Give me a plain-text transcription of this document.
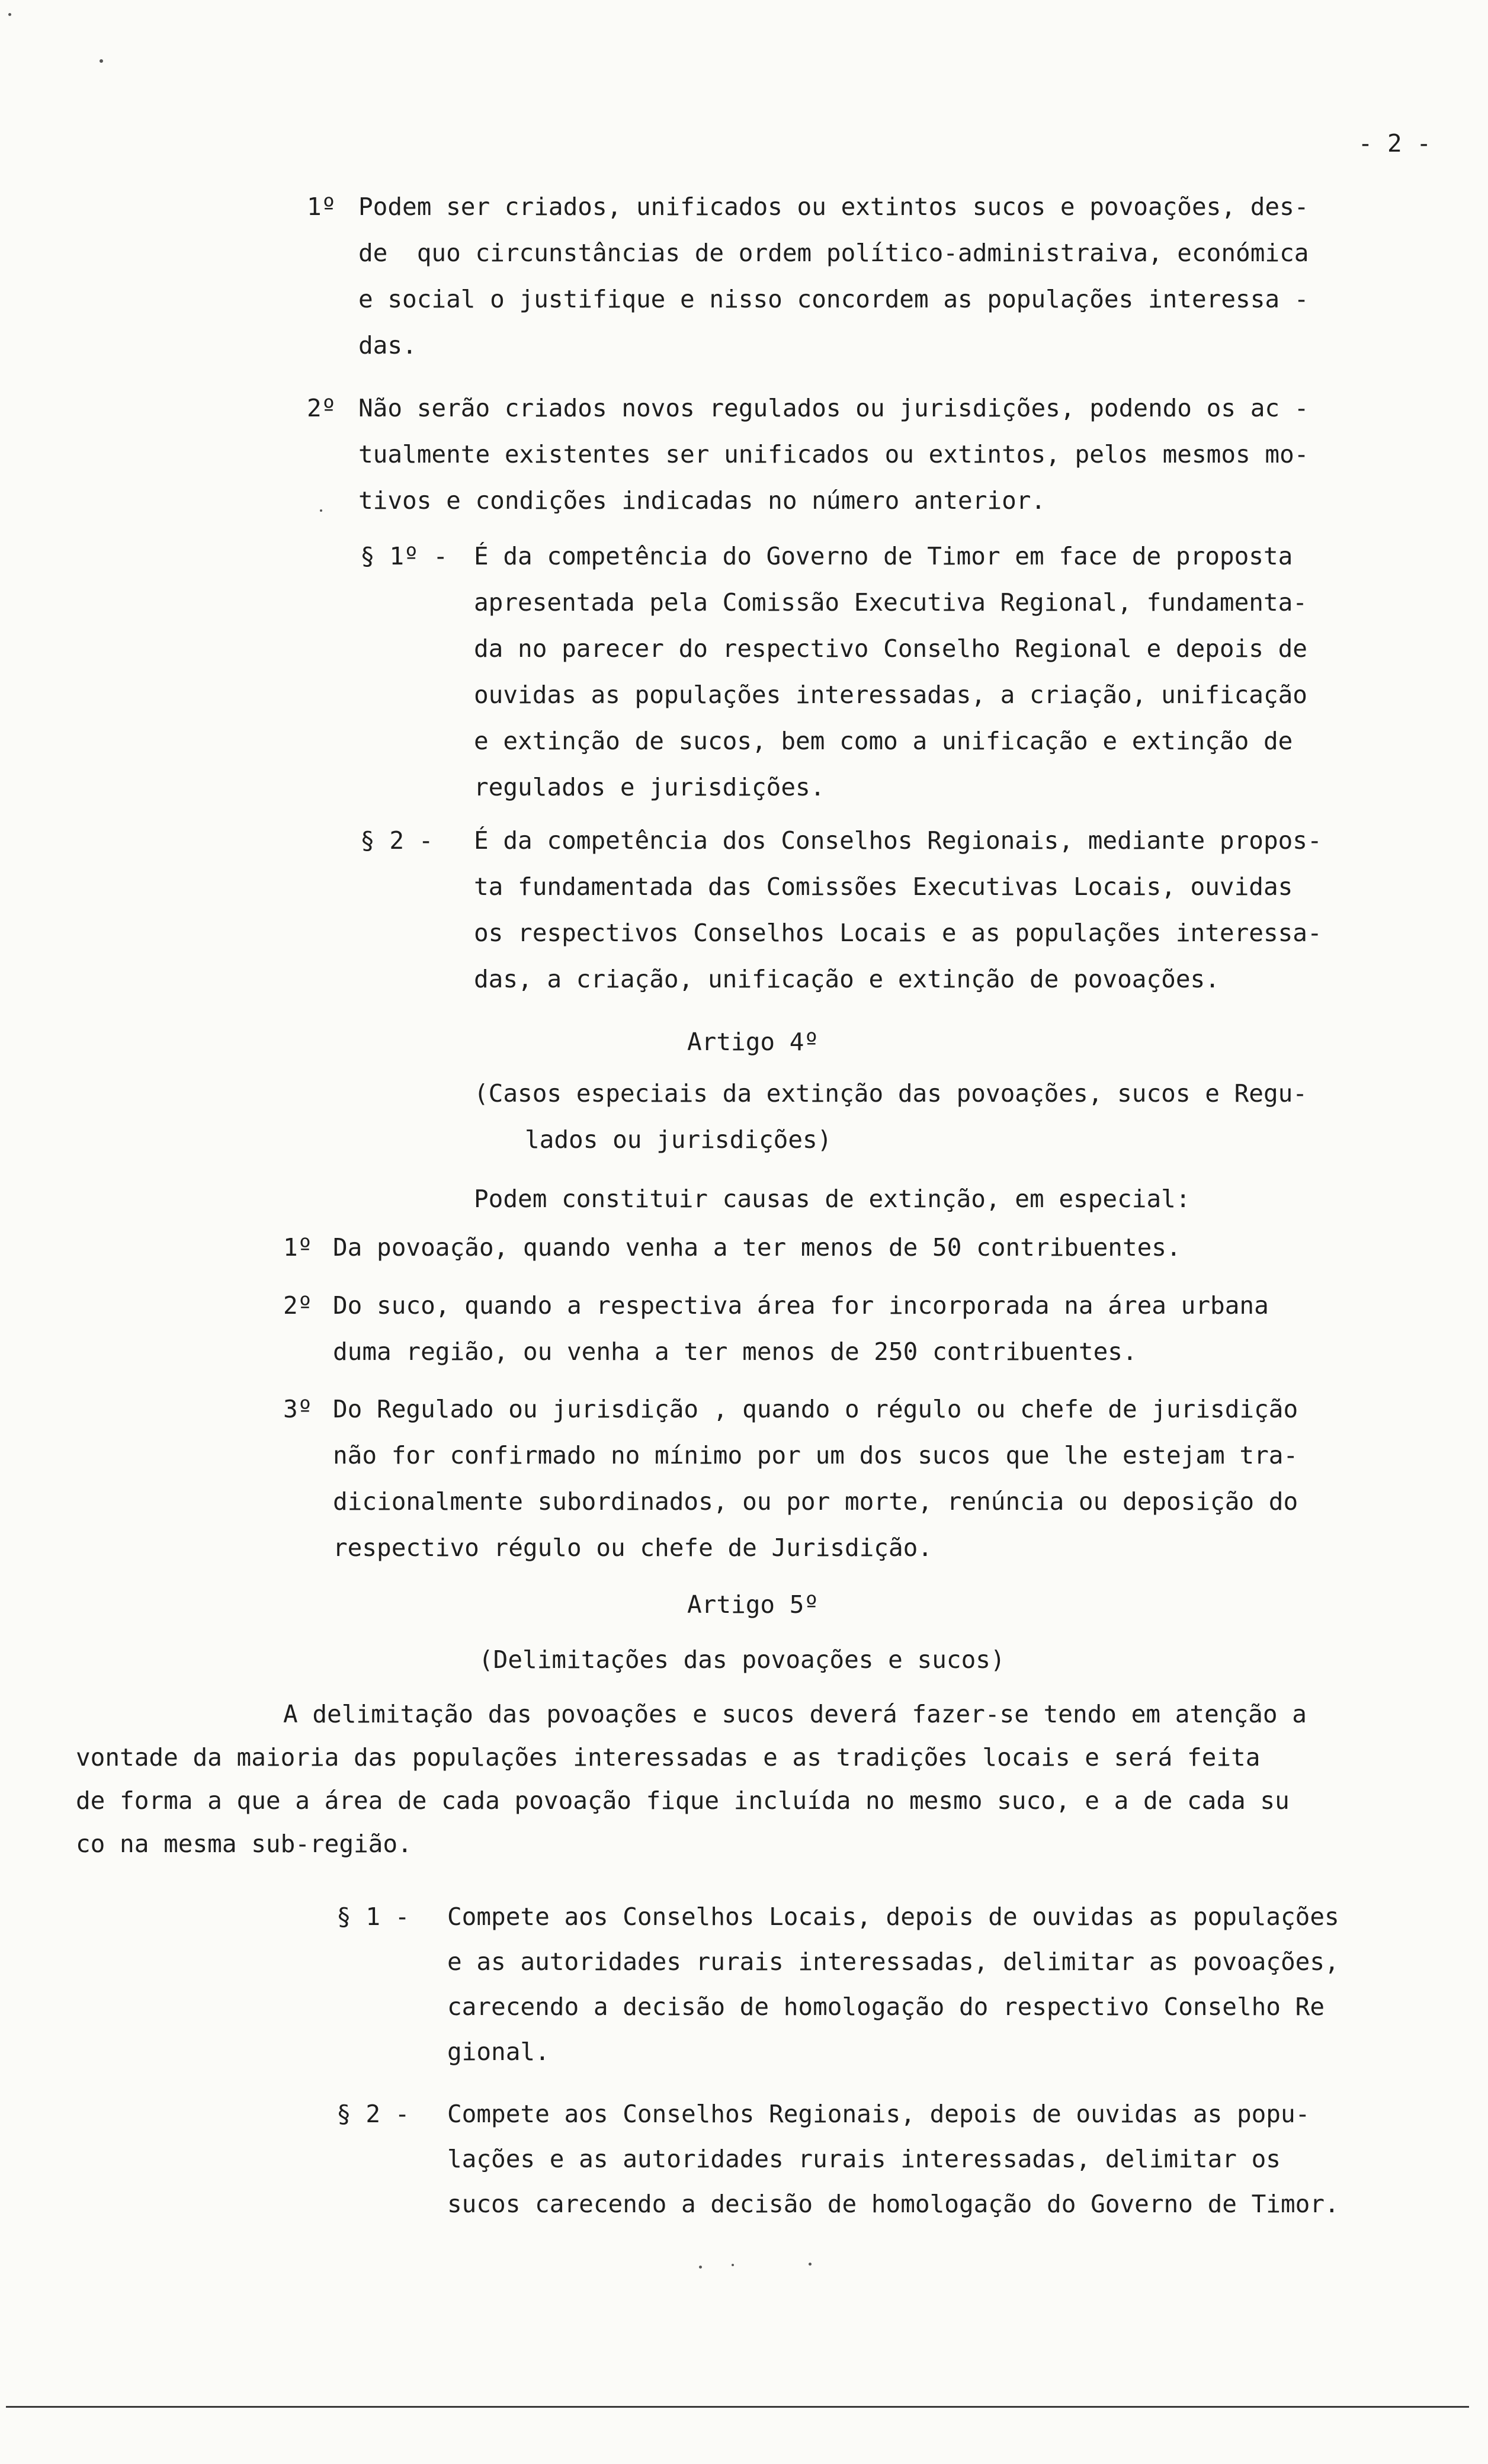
- 2 -
1º Podem ser criados, unificados ou extintos sucos e povoações, des-
de  quo circunstâncias de ordem político-administraiva, económica
e social o justifique e nisso concordem as populações interessa -
das.
2º Não serão criados novos regulados ou jurisdições, podendo os ac -
tualmente existentes ser unificados ou extintos, pelos mesmos mo-
tivos e condições indicadas no número anterior.
§ 1º - É da competência do Governo de Timor em face de proposta
apresentada pela Comissão Executiva Regional, fundamenta-
da no parecer do respectivo Conselho Regional e depois de
ouvidas as populações interessadas, a criação, unificação
e extinção de sucos, bem como a unificação e extinção de
regulados e jurisdições.
§ 2 - É da competência dos Conselhos Regionais, mediante propos-
ta fundamentada das Comissões Executivas Locais, ouvidas
os respectivos Conselhos Locais e as populações interessa-
das, a criação, unificação e extinção de povoações.
Artigo 4º
(Casos especiais da extinção das povoações, sucos e Regu-
lados ou jurisdições)
Podem constituir causas de extinção, em especial:
1º Da povoação, quando venha a ter menos de 50 contribuentes.
2º Do suco, quando a respectiva área for incorporada na área urbana
duma região, ou venha a ter menos de 250 contribuentes.
3º Do Regulado ou jurisdição , quando o régulo ou chefe de jurisdição
não for confirmado no mínimo por um dos sucos que lhe estejam tra-
dicionalmente subordinados, ou por morte, renúncia ou deposição do
respectivo régulo ou chefe de Jurisdição.
Artigo 5º
(Delimitações das povoações e sucos)
A delimitação das povoações e sucos deverá fazer-se tendo em atenção a
vontade da maioria das populações interessadas e as tradições locais e será feita
de forma a que a área de cada povoação fique incluída no mesmo suco, e a de cada su
co na mesma sub-região.
§ 1 - Compete aos Conselhos Locais, depois de ouvidas as populações
e as autoridades rurais interessadas, delimitar as povoações,
carecendo a decisão de homologação do respectivo Conselho Re
gional.
§ 2 - Compete aos Conselhos Regionais, depois de ouvidas as popu-
lações e as autoridades rurais interessadas, delimitar os
sucos carecendo a decisão de homologação do Governo de Timor.
